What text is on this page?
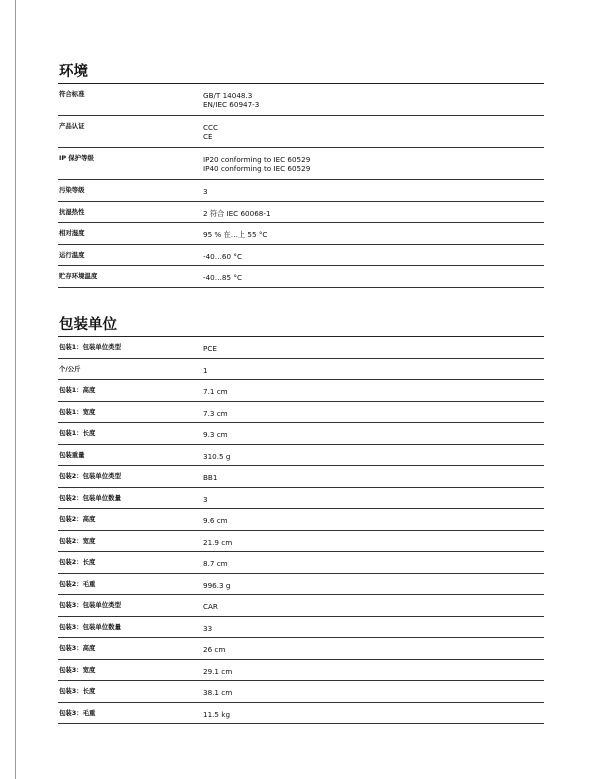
环境
符合标准	GB/T 14048.3
EN/IEC 60947-3
产品认证	CCC
CE
IP 保护等级	IP20 conforming to IEC 60529
IP40 conforming to IEC 60529
污染等级	3
抗湿热性	2 符合 IEC 60068-1
相对湿度	95 % 在…上 55 °C
运行温度	-40…60 °C
贮存环境温度	-40…85 °C
包装单位
包装1：包装单位类型	PCE
个/公斤	1
包装1：高度	7.1 cm
包装1：宽度	7.3 cm
包装1：长度	9.3 cm
包装重量	310.5 g
包装2：包装单位类型	BB1
包装2：包装单位数量	3
包装2：高度	9.6 cm
包装2：宽度	21.9 cm
包装2：长度	8.7 cm
包装2：毛重	996.3 g
包装3：包装单位类型	CAR
包装3：包装单位数量	33
包装3：高度	26 cm
包装3：宽度	29.1 cm
包装3：长度	38.1 cm
包装3：毛重	11.5 kg
